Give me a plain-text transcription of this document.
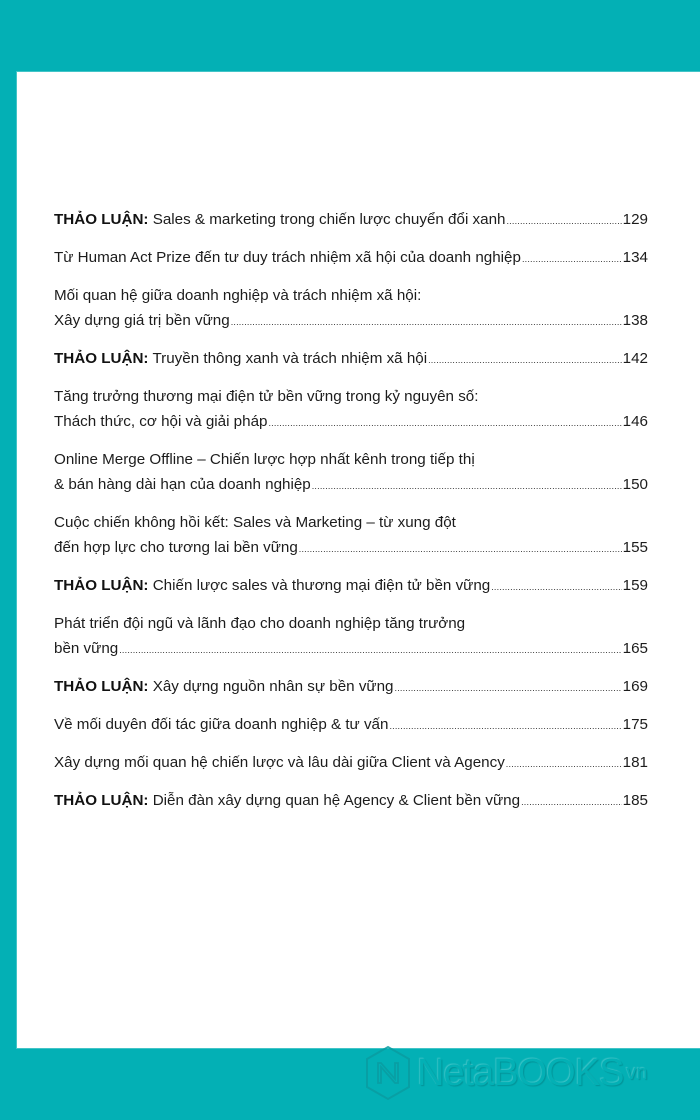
THẢO LUẬN: Sales & marketing trong chiến lược chuyển đổi xanh .....	129
Từ Human Act Prize đến tư duy trách nhiệm xã hội của doanh nghiệp .....	134
Mối quan hệ giữa doanh nghiệp và trách nhiệm xã hội:
Xây dựng giá trị bền vững .....	138
THẢO LUẬN: Truyền thông xanh và trách nhiệm xã hội .....	142
Tăng trưởng thương mại điện tử bền vững trong kỷ nguyên số:
Thách thức, cơ hội và giải pháp .....	146
Online Merge Offline – Chiến lược hợp nhất kênh trong tiếp thị
& bán hàng dài hạn của doanh nghiệp .....	150
Cuộc chiến không hồi kết: Sales và Marketing – từ xung đột
đến hợp lực cho tương lai bền vững .....	155
THẢO LUẬN: Chiến lược sales và thương mại điện tử bền vững .....	159
Phát triển đội ngũ và lãnh đạo cho doanh nghiệp tăng trưởng
bền vững .....	165
THẢO LUẬN: Xây dựng nguồn nhân sự bền vững .....	169
Về mối duyên đối tác giữa doanh nghiệp & tư vấn .....	175
Xây dựng mối quan hệ chiến lược và lâu dài giữa Client và Agency .....	181
THẢO LUẬN: Diễn đàn xây dựng quan hệ Agency & Client bền vững .....	185
NetaBOOKS vn
